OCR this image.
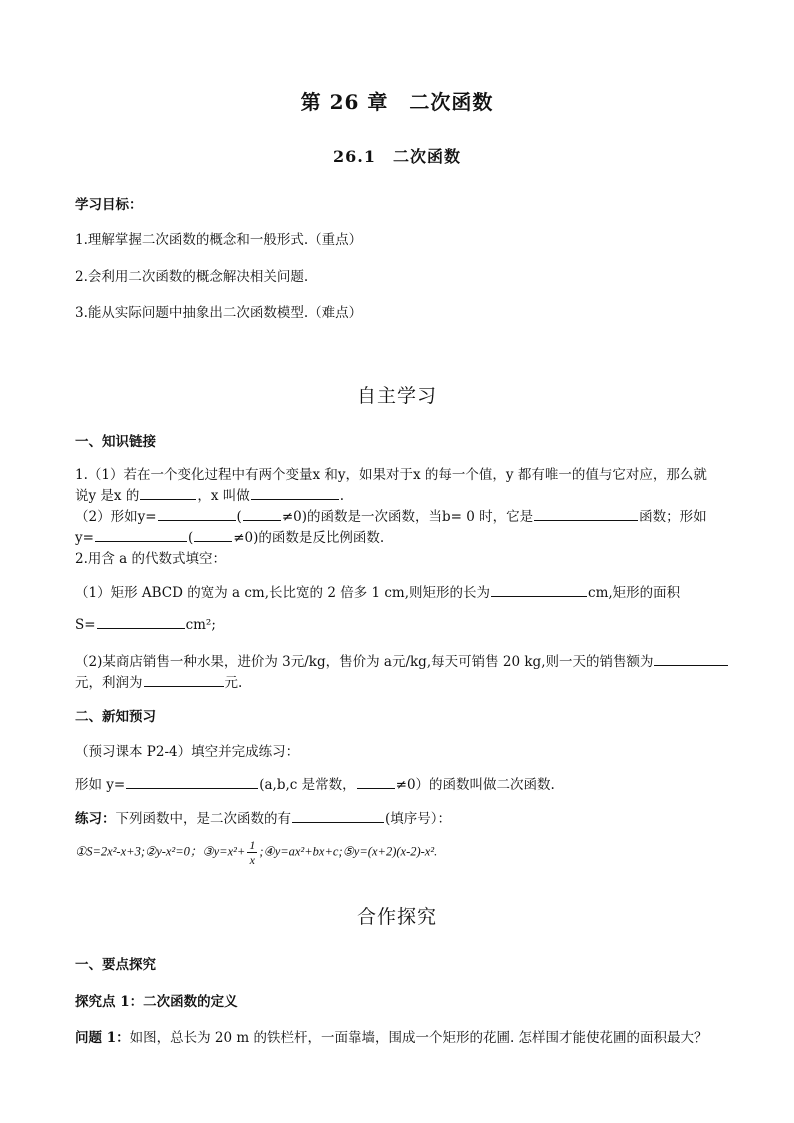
第 26 章　二次函数
26.1　二次函数
学习目标：
1.理解掌握二次函数的概念和一般形式.（重点）
2.会利用二次函数的概念解决相关问题.
3.能从实际问题中抽象出二次函数模型.（难点）
自主学习
一、知识链接
1.（1）若在一个变化过程中有两个变量x 和y，如果对于x 的每一个值，y 都有唯一的值与它对应，那么就
说y 是x 的	，x 叫做	.
（2）形如y=	(	≠0)的函数是一次函数，当b= 0 时，它是	函数；形如
y=	(	≠0)的函数是反比例函数.
2.用含 a 的代数式填空：
（1）矩形 ABCD 的宽为 a cm,长比宽的 2 倍多 1 cm,则矩形的长为	cm,矩形的面积
S=	cm²;
（2)某商店销售一种水果，进价为 3元/kg，售价为 a元/kg,每天可销售 20 kg,则一天的销售额为
元，利润为	元.
二、新知预习
（预习课本 P2-4）填空并完成练习：
形如 y=	(a,b,c 是常数，	≠0）的函数叫做二次函数.
练习：下列函数中，是二次函数的有	(填序号）：
①S=2x²-x+3;②y-x²=0；③y=x²+ $\frac{1}{x}$ ;④y=ax²+bx+c;⑤y=(x+2)(x-2)-x².
合作探究
一、要点探究
探究点 1：二次函数的定义
问题 1：如图，总长为 20 m 的铁栏杆，一面靠墙，围成一个矩形的花圃. 怎样围才能使花圃的面积最大？
